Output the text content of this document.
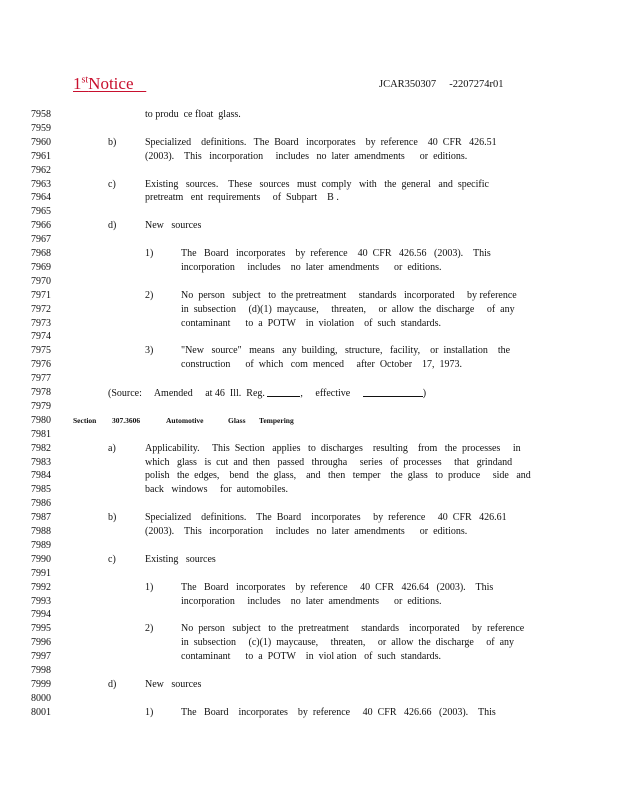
1stNotice	JCAR350307     -2207274r01
7958	to produ  ce float  glass.
7959
7960	b)	Specialized    definitions.   The  Board   incorporates    by  reference    40  CFR   426.51
7961	(2003).    This   incorporation     includes   no  later  amendments      or  editions.
7962
7963	c)	Existing   sources.    These   sources   must  comply   with   the  general   and  specific
7964	pretreatm   ent  requirements     of  Subpart    B .
7965
7966	d)	New   sources
7967
7968	1)	The   Board   incorporates    by  reference    40  CFR   426.56   (2003).    This
7969	incorporation     includes    no  later  amendments      or  editions.
7970
7971	2)	No  person   subject   to  the pretreatment     standards   incorporated     by reference
7972	in  subsection     (d)(1)  maycause,     threaten,     or  allow  the  discharge     of  any
7973	contaminant      to  a  POTW    in  violation    of  such  standards.
7974
7975	3)	"New   source"   means   any  building,   structure,   facility,    or  installation    the
7976	construction      of  which   com  menced     after  October    17,  1973.
7977
7978	(Source:     Amended     at 46  Ill.  Reg.	,     effective	)
7979
7980	Section 307.3606	Automotive	Glass Tempering
7981
7982	a)	Applicability.     This  Section   applies   to  discharges    resulting    from   the  processes     in
7983	which   glass   is  cut  and  then   passed   througha     series   of  processes     that   grindand
7984	polish   the  edges,    bend   the  glass,    and   then   temper    the  glass   to  produce     side   and
7985	back   windows     for  automobiles.
7986
7987	b)	Specialized    definitions.    The  Board    incorporates     by  reference     40  CFR   426.61
7988	(2003).    This   incorporation     includes   no  later  amendments      or  editions.
7989
7990	c)	Existing   sources
7991
7992	1)	The   Board   incorporates    by  reference     40  CFR   426.64   (2003).    This
7993	incorporation     includes    no  later  amendments      or  editions.
7994
7995	2)	No  person   subject   to  the  pretreatment     standards    incorporated     by  reference
7996	in  subsection     (c)(1)  maycause,     threaten,     or  allow  the  discharge     of  any
7997	contaminant      to  a  POTW    in  viol ation   of  such  standards.
7998
7999	d)	New   sources
8000
8001	1)	The   Board    incorporates    by  reference     40  CFR   426.66   (2003).    This
